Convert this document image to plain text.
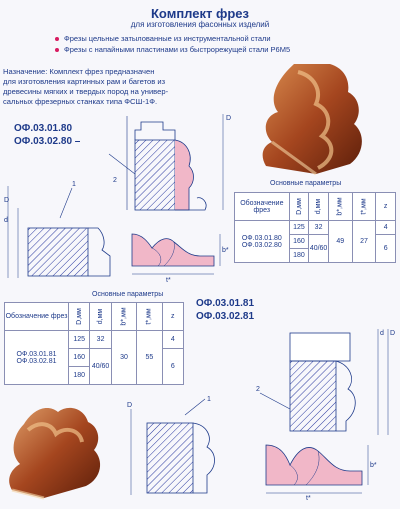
Комплект фрез
для изготовления фасонных изделий
Фрезы цельные затылованные из инструментальной стали
Фрезы с напайными пластинами из быстрорежущей стали Р6М5
Назначение: Комплект фрез предназначен
для изготовления картинных рам и багетов из
древесины мягких и твердых пород на универ-
сальных фрезерных станках типа ФСШ-1Ф.
ОФ.03.01.80
ОФ.03.02.80 –
2
D
D
d
1
t*
b*
Основные параметры
Обозначение фрез	D,мм	d,мм	b*,мм	t*,мм	z

ОФ.03.01.80
ОФ.03.02.80	125	32	49	27	4
	160	40/60			6
	180				
Основные параметры
Обозначение фрез	D,мм	d,мм	b*,мм	t*,мм	z

ОФ.03.01.81
ОФ.03.02.81	125	32	30	55	4
	160	40/60			6
	180				
ОФ.03.01.81
ОФ.03.02.81
d D
2
t*
b*
D
1
